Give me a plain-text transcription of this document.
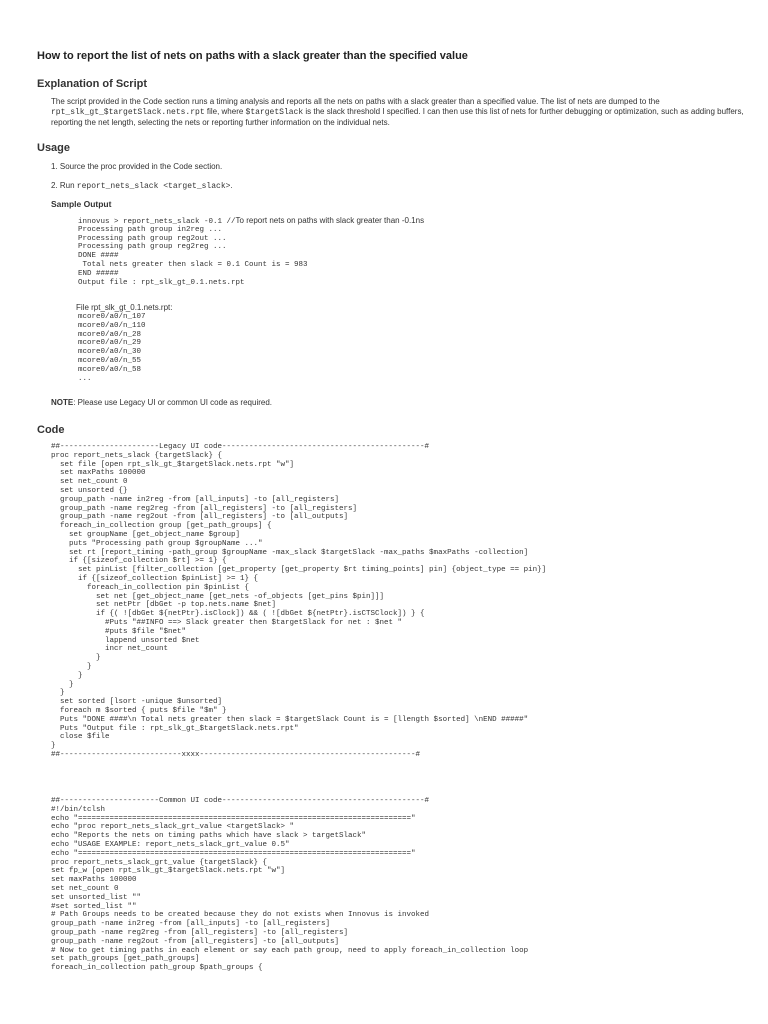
How to report the list of nets on paths with a slack greater than the specified value
Explanation of Script
The script provided in the Code section runs a timing analysis and reports all the nets on paths with a slack greater than a specified value. The list of nets are dumped to the rpt_slk_gt_$targetSlack.nets.rpt file, where $targetSlack is the slack threshold I specified. I can then use this list of nets for further debugging or optimization, such as adding buffers, reporting the net length, selecting the nets or reporting further information on the individual nets.
Usage
1. Source the proc provided in the Code section.
2. Run report_nets_slack <target_slack>.
Sample Output
innovus > report_nets_slack -0.1 //To report nets on paths with slack greater than -0.1ns
Processing path group in2reg ...
Processing path group reg2out ...
Processing path group reg2reg ...
DONE ####
Total nets greater then slack = 0.1 Count is = 983
END #####
Output file : rpt_slk_gt_0.1.nets.rpt
File rpt_slk_gt_0.1.nets.rpt:
mcore0/a0/n_107
mcore0/a0/n_110
mcore0/a0/n_28
mcore0/a0/n_29
mcore0/a0/n_30
mcore0/a0/n_55
mcore0/a0/n_58
...
NOTE: Please use Legacy UI or common UI code as required.
Code
##----------------------Legacy UI code---------------------------------------------#
proc report_nets_slack {targetSlack} {
set file [open rpt_slk_gt_$targetSlack.nets.rpt "w"]
set maxPaths 100000
set net_count 0
set unsorted {}
group_path -name in2reg -from [all_inputs] -to [all_registers]
group_path -name reg2reg -from [all_registers] -to [all_registers]
group_path -name reg2out -from [all_registers] -to [all_outputs]
foreach_in_collection group [get_path_groups] {
set groupName [get_object_name $group]
puts "Processing path group $groupName ..."
set rt [report_timing -path_group $groupName -max_slack $targetSlack -max_paths $maxPaths -collection]
if {[sizeof_collection $rt] >= 1} {
set pinList [filter_collection [get_property [get_property $rt timing_points] pin] {object_type == pin}]
if {[sizeof_collection $pinList] >= 1} {
foreach_in_collection pin $pinList {
set net [get_object_name [get_nets -of_objects [get_pins $pin]]]
set netPtr [dbGet -p top.nets.name $net]
if {( ![dbGet ${netPtr}.isClock]) && ( ![dbGet ${netPtr}.isCTSClock]) } {
#Puts "##INFO ==> Slack greater then $targetSlack for net : $net "
#puts $file "$net"
lappend unsorted $net
incr net_count
}
}
}
}
}
set sorted [lsort -unique $unsorted]
foreach m $sorted { puts $file "$m" }
Puts "DONE ####\n Total nets greater then slack = $targetSlack Count is = [llength $sorted] \nEND #####"
Puts "Output file : rpt_slk_gt_$targetSlack.nets.rpt"
close $file
}
##---------------------------xxxx------------------------------------------------#
##----------------------Common UI code---------------------------------------------#
#!/bin/tclsh
echo "=========================================================================="
echo "proc report_nets_slack_grt_value <targetSlack> "
echo "Reports the nets on timing paths which have slack > targetSlack"
echo "USAGE EXAMPLE: report_nets_slack_grt_value 0.5"
echo "=========================================================================="
proc report_nets_slack_grt_value {targetSlack} {
set fp_w [open rpt_slk_gt_$targetSlack.nets.rpt "w"]
set maxPaths 100000
set net_count 0
set unsorted_list ""
#set sorted_list ""
# Path Groups needs to be created because they do not exists when Innovus is invoked
group_path -name in2reg -from [all_inputs] -to [all_registers]
group_path -name reg2reg -from [all_registers] -to [all_registers]
group_path -name reg2out -from [all_registers] -to [all_outputs]
# Now to get timing paths in each element or say each path group, need to apply foreach_in_collection loop
set path_groups [get_path_groups]
foreach_in_collection path_group $path_groups {
